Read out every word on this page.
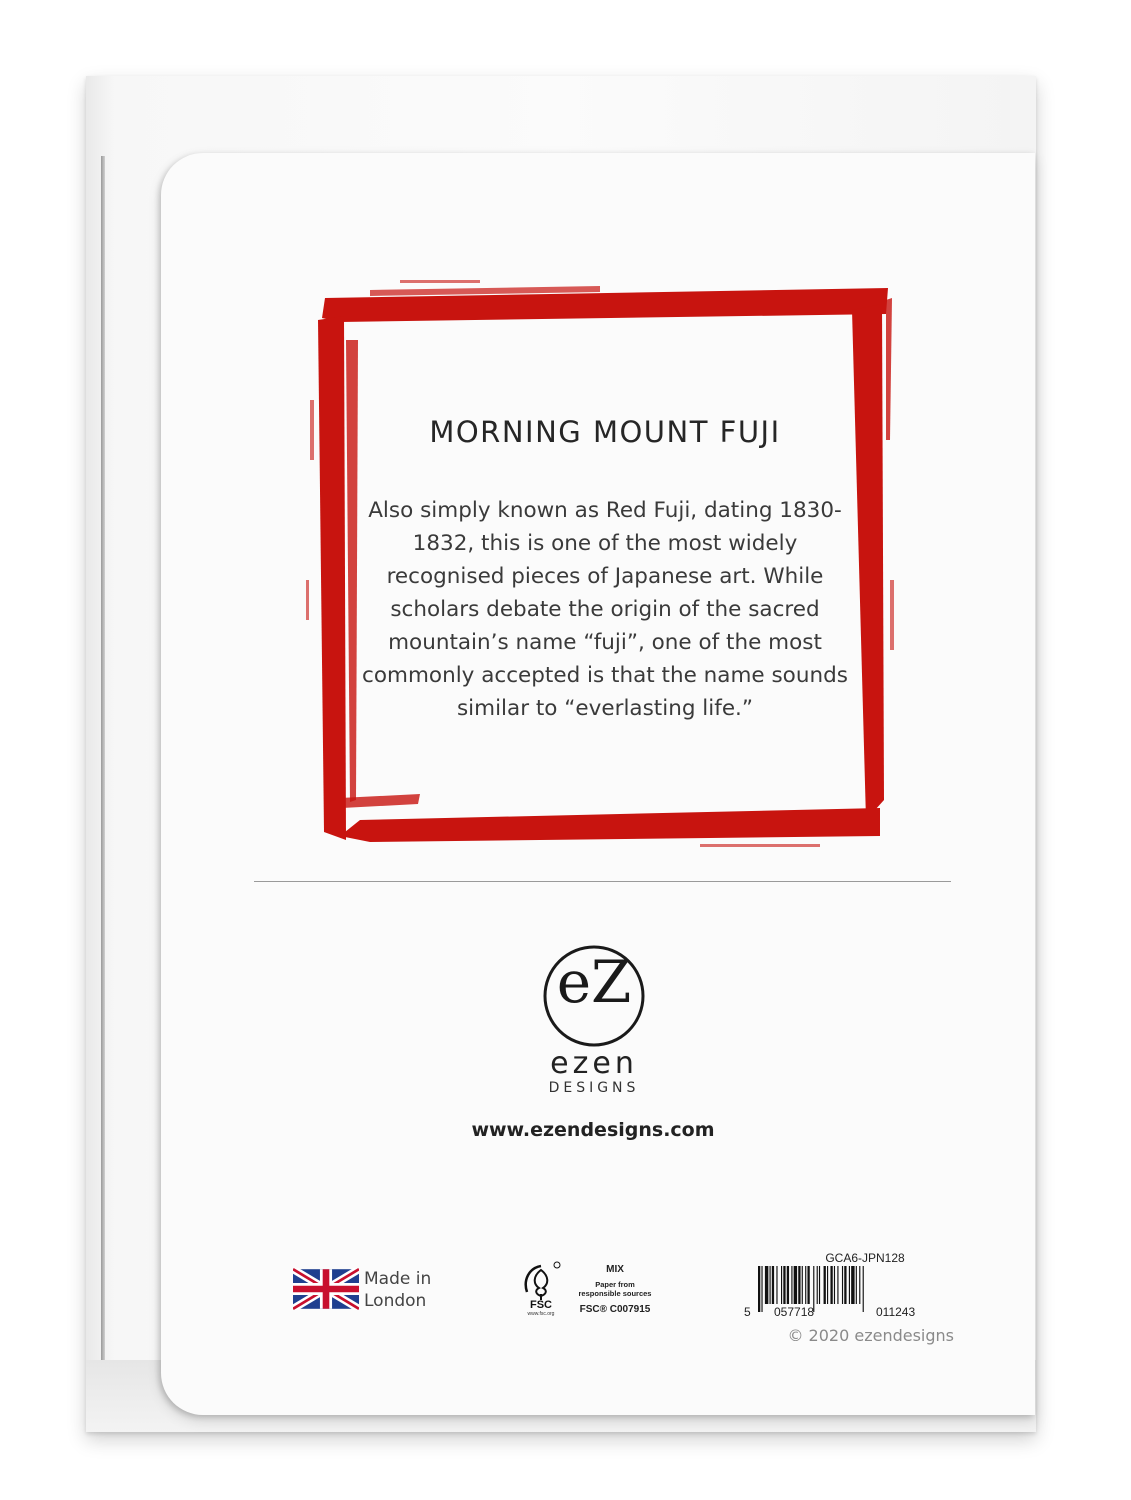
MORNING MOUNT FUJI
Also simply known as Red Fuji, dating 1830-1832, this is one of the most widely recognised pieces of Japanese art. While scholars debate the origin of the sacred mountain’s name “fuji”, one of the most commonly accepted is that the name sounds similar to “everlasting life.”
eZ
ezen
DESIGNS
www.ezendesigns.com
Made in
London	FSC
www.fsc.org
MIX
Paper from
responsible sources
FSC® C007915
GCA6-JPN128
5 057718	011243
© 2020 ezendesigns
